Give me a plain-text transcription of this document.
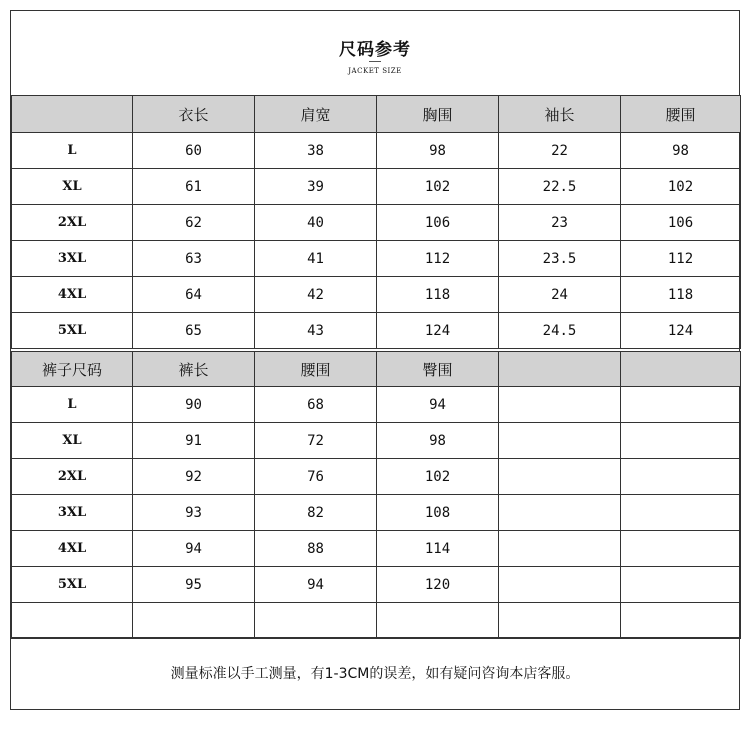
尺码参考
JACKET SIZE
	衣长	肩宽	胸围	袖长	腰围
L	60	38	98	22	98
XL	61	39	102	22.5	102
2XL	62	40	106	23	106
3XL	63	41	112	23.5	112
4XL	64	42	118	24	118
5XL	65	43	124	24.5	124
裤子尺码	裤长	腰围	臀围		
L	90	68	94		
XL	91	72	98		
2XL	92	76	102		
3XL	93	82	108		
4XL	94	88	114		
5XL	95	94	120		

测量标准以手工测量，有1-3CM的误差，如有疑问咨询本店客服。
